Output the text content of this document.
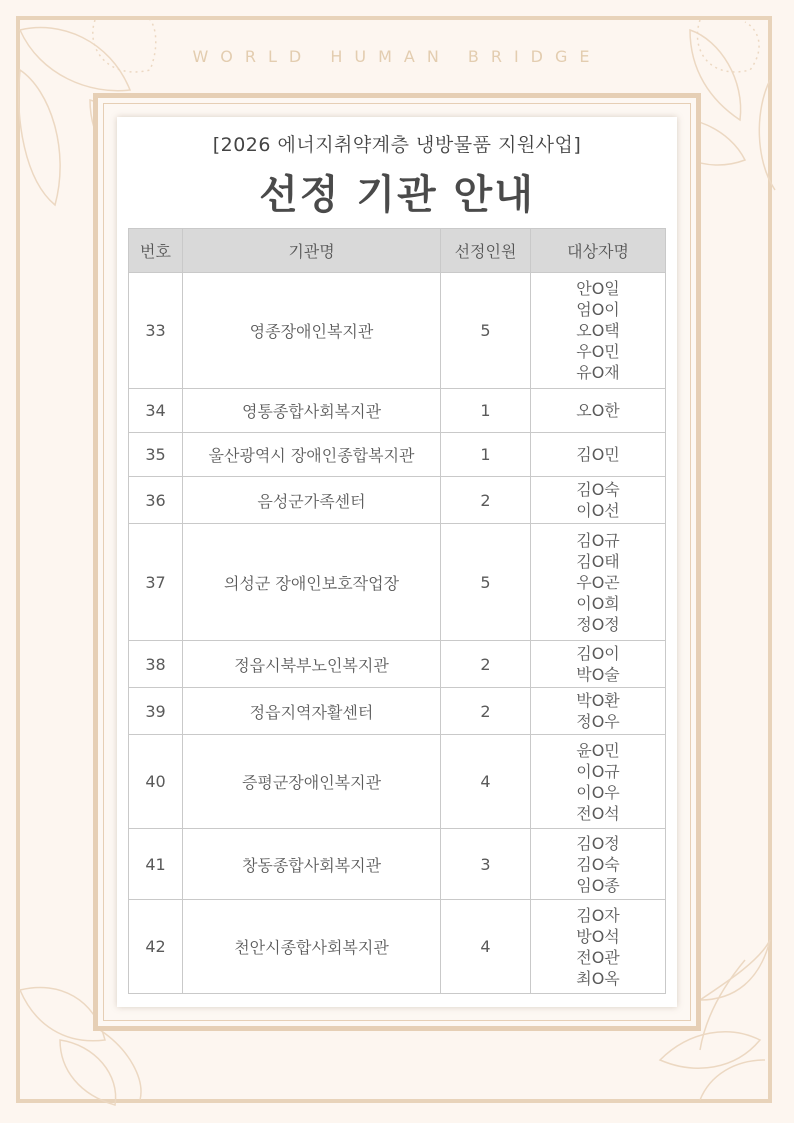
WORLD HUMAN BRIDGE
[2026 에너지취약계층 냉방물품 지원사업]
선정 기관 안내
번호	기관명	선정인원	대상자명
33	영종장애인복지관	5	안O일
엄O이
오O택
우O민
유O재

34	영통종합사회복지관	1	오O한

35	울산광역시 장애인종합복지관	1	김O민

36	음성군가족센터	2	김O숙
이O선

37	의성군 장애인보호작업장	5	김O규
김O태
우O곤
이O희
정O정

38	정읍시북부노인복지관	2	김O이
박O술

39	정읍지역자활센터	2	박O환
정O우

40	증평군장애인복지관	4	윤O민
이O규
이O우
전O석

41	창동종합사회복지관	3	김O정
김O숙
임O종

42	천안시종합사회복지관	4	김O자
방O석
전O관
최O옥
